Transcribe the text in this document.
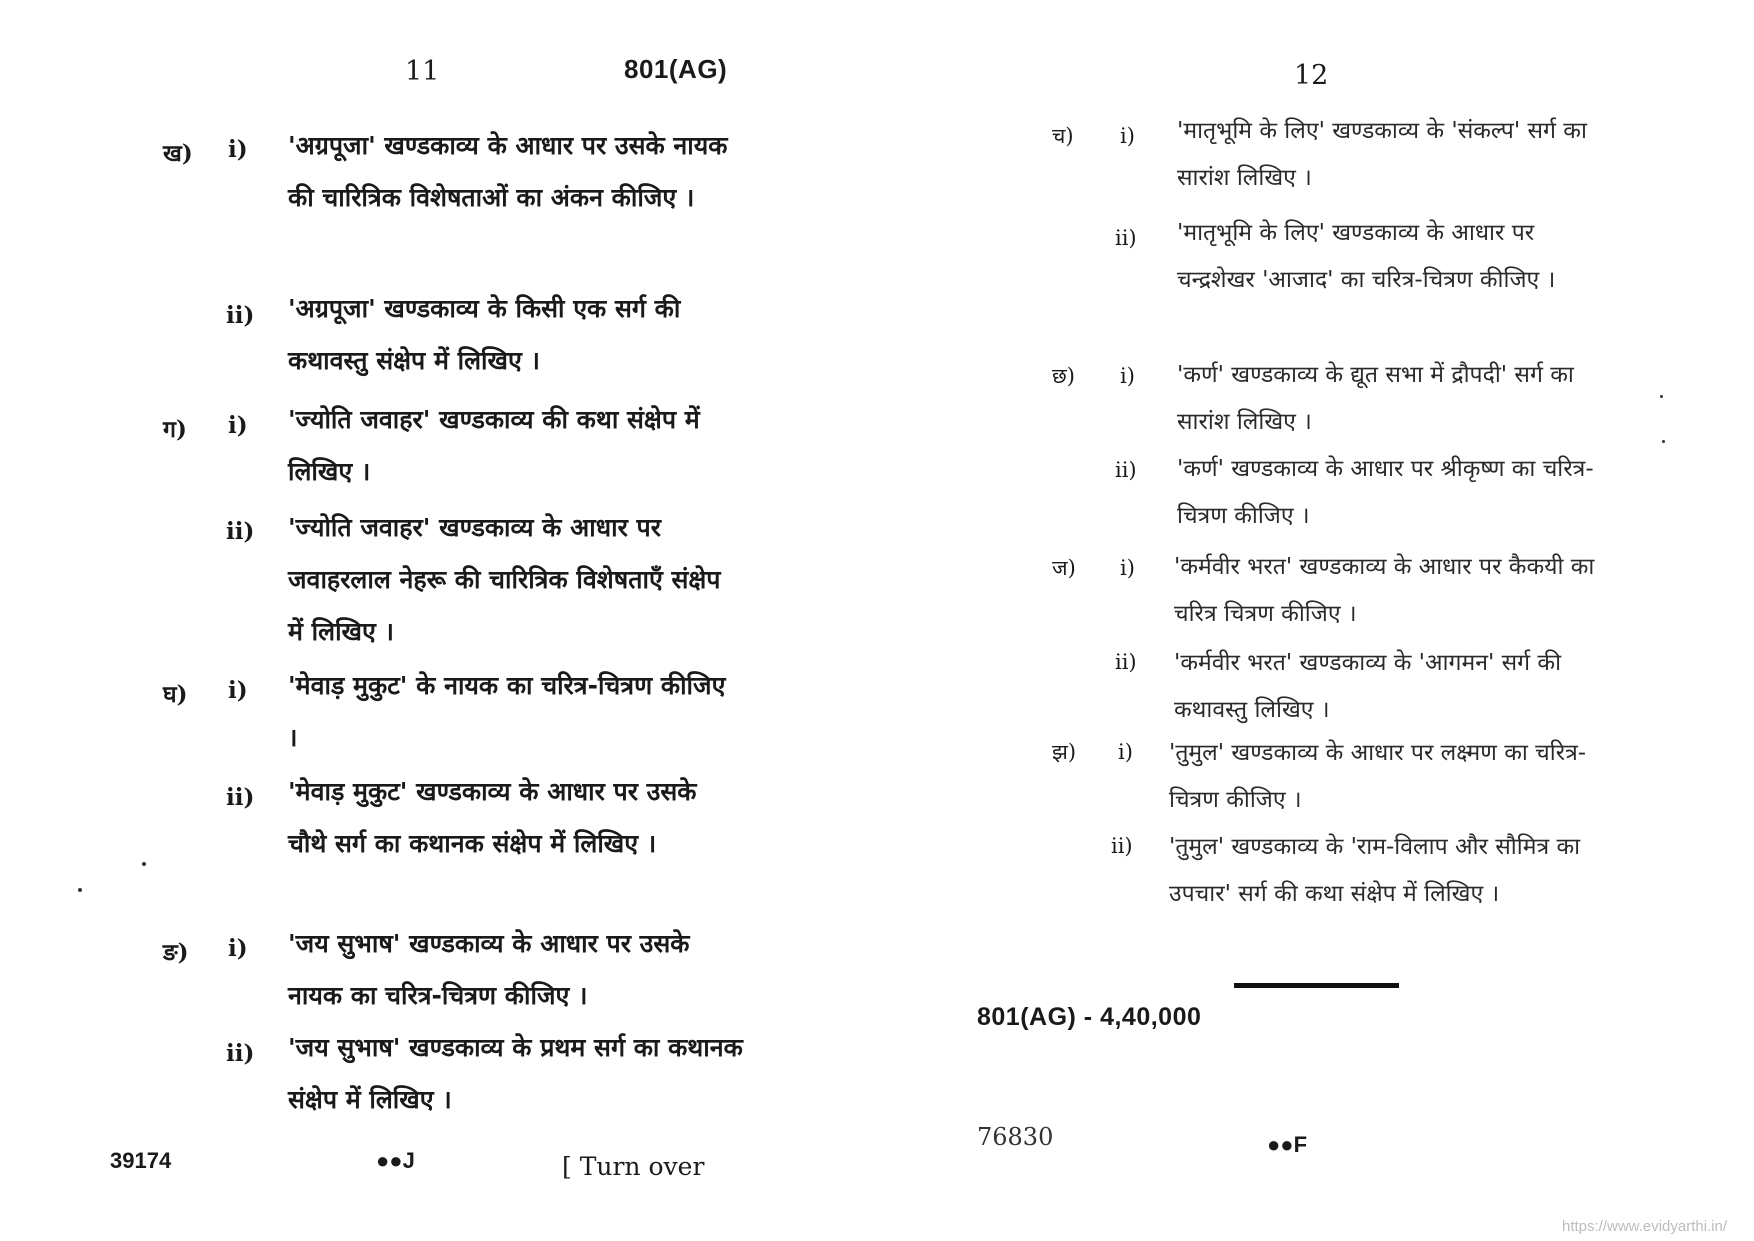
11	801(AG)
ख) i) 'अग्रपूजा' खण्डकाव्य के आधार पर उसके नायक की चारित्रिक विशेषताओं का अंकन कीजिए ।
ii) 'अग्रपूजा' खण्डकाव्य के किसी एक सर्ग की कथावस्तु संक्षेप में लिखिए ।
ग) i) 'ज्योति जवाहर' खण्डकाव्य की कथा संक्षेप में लिखिए ।
ii) 'ज्योति जवाहर' खण्डकाव्य के आधार पर जवाहरलाल नेहरू की चारित्रिक विशेषताएँ संक्षेप में लिखिए ।
घ) i) 'मेवाड़ मुकुट' के नायक का चरित्र-चित्रण कीजिए ।
ii) 'मेवाड़ मुकुट' खण्डकाव्य के आधार पर उसके चौथे सर्ग का कथानक संक्षेप में लिखिए ।
ङ) i) 'जय सुभाष' खण्डकाव्य के आधार पर उसके नायक का चरित्र-चित्रण कीजिए ।
ii) 'जय सुभाष' खण्डकाव्य के प्रथम सर्ग का कथानक संक्षेप में लिखिए ।
39174	●●J	[ Turn over
12
च) i) 'मातृभूमि के लिए' खण्डकाव्य के 'संकल्प' सर्ग का सारांश लिखिए ।
ii) 'मातृभूमि के लिए' खण्डकाव्य के आधार पर चन्द्रशेखर 'आजाद' का चरित्र-चित्रण कीजिए ।
छ) i) 'कर्ण' खण्डकाव्य के द्यूत सभा में द्रौपदी' सर्ग का सारांश लिखिए ।
ii) 'कर्ण' खण्डकाव्य के आधार पर श्रीकृष्ण का चरित्र-चित्रण कीजिए ।
ज) i) 'कर्मवीर भरत' खण्डकाव्य के आधार पर कैकयी का चरित्र चित्रण कीजिए ।
ii) 'कर्मवीर भरत' खण्डकाव्य के 'आगमन' सर्ग की कथावस्तु लिखिए ।
झ) i) 'तुमुल' खण्डकाव्य के आधार पर लक्ष्मण का चरित्र-चित्रण कीजिए ।
ii) 'तुमुल' खण्डकाव्य के 'राम-विलाप और सौमित्र का उपचार' सर्ग की कथा संक्षेप में लिखिए ।
801(AG) - 4,40,000
76830	●●F
https://www.evidyarthi.in/
